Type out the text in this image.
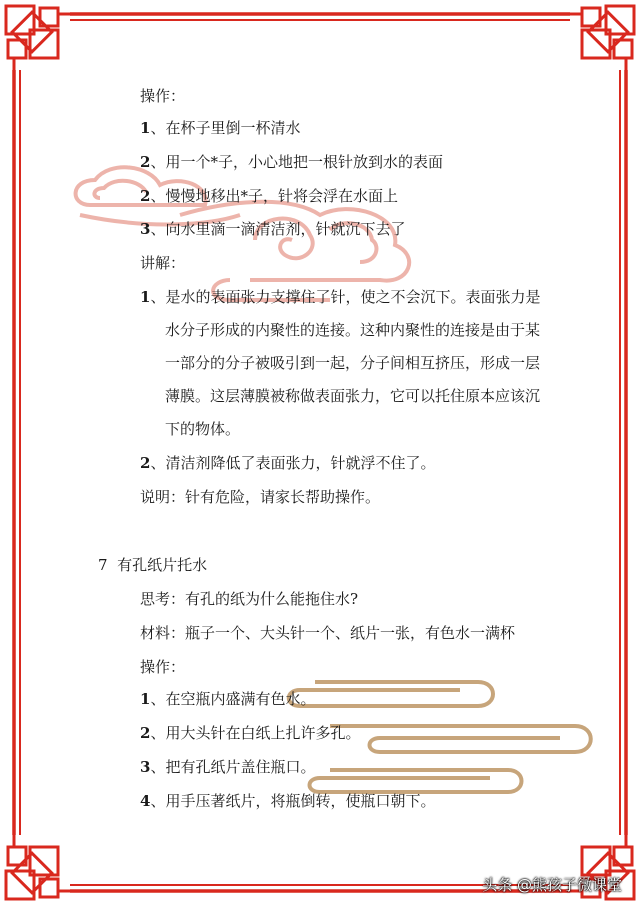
操作：
1、在杯子里倒一杯清水
2、用一个*子，小心地把一根针放到水的表面
2、慢慢地移出*子，针将会浮在水面上
3、向水里滴一滴清洁剂，针就沉下去了
讲解：
1、是水的表面张力支撑住了针，使之不会沉下。表面张力是
水分子形成的内聚性的连接。这种内聚性的连接是由于某
一部分的分子被吸引到一起，分子间相互挤压，形成一层
薄膜。这层薄膜被称做表面张力，它可以托住原本应该沉
下的物体。
2、清洁剂降低了表面张力，针就浮不住了。
说明：针有危险，请家长帮助操作。
7 有孔纸片托水
思考：有孔的纸为什么能拖住水?
材料：瓶子一个、大头针一个、纸片一张，有色水一满杯
操作：
1、在空瓶内盛满有色水。
2、用大头针在白纸上扎许多孔。
3、把有孔纸片盖住瓶口。
4、用手压著纸片，将瓶倒转，使瓶口朝下。
头条 @熊孩子微课堂
